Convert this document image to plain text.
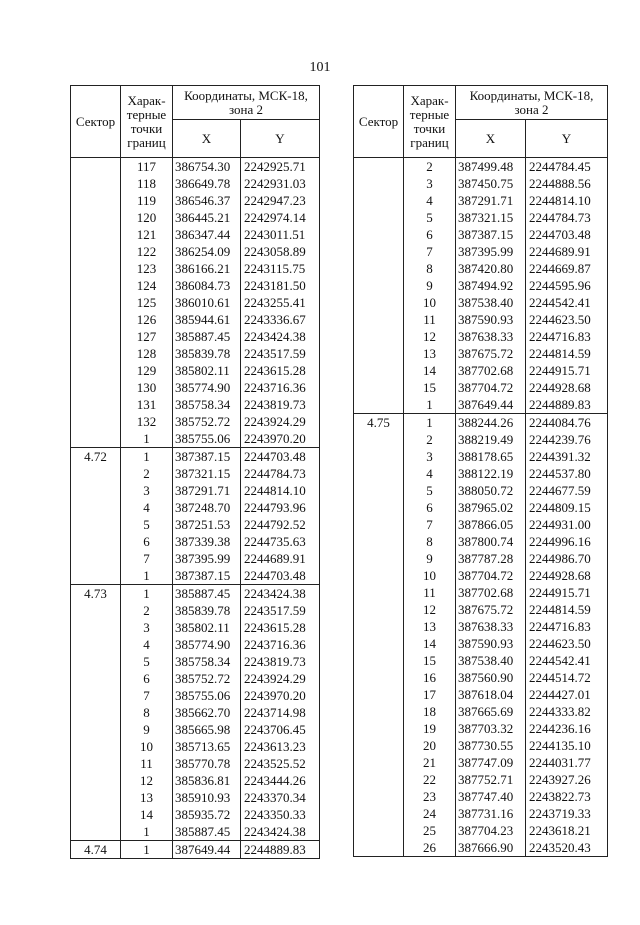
101
Сектор	Харак-терные точки границ	Координаты, МСК-18, зона 2	
		X	Y
	117	386754.30	2242925.71
	118	386649.78	2242931.03
	119	386546.37	2242947.23
	120	386445.21	2242974.14
	121	386347.44	2243011.51
	122	386254.09	2243058.89
	123	386166.21	2243115.75
	124	386084.73	2243181.50
	125	386010.61	2243255.41
	126	385944.61	2243336.67
	127	385887.45	2243424.38
	128	385839.78	2243517.59
	129	385802.11	2243615.28
	130	385774.90	2243716.36
	131	385758.34	2243819.73
	132	385752.72	2243924.29
	1	385755.06	2243970.20
4.72	1	387387.15	2244703.48
	2	387321.15	2244784.73
	3	387291.71	2244814.10
	4	387248.70	2244793.96
	5	387251.53	2244792.52
	6	387339.38	2244735.63
	7	387395.99	2244689.91
	1	387387.15	2244703.48
4.73	1	385887.45	2243424.38
	2	385839.78	2243517.59
	3	385802.11	2243615.28
	4	385774.90	2243716.36
	5	385758.34	2243819.73
	6	385752.72	2243924.29
	7	385755.06	2243970.20
	8	385662.70	2243714.98
	9	385665.98	2243706.45
	10	385713.65	2243613.23
	11	385770.78	2243525.52
	12	385836.81	2243444.26
	13	385910.93	2243370.34
	14	385935.72	2243350.33
	1	385887.45	2243424.38
4.74	1	387649.44	2244889.83
Сектор	Харак-терные точки границ	Координаты, МСК-18, зона 2	
		X	Y
	2	387499.48	2244784.45
	3	387450.75	2244888.56
	4	387291.71	2244814.10
	5	387321.15	2244784.73
	6	387387.15	2244703.48
	7	387395.99	2244689.91
	8	387420.80	2244669.87
	9	387494.92	2244595.96
	10	387538.40	2244542.41
	11	387590.93	2244623.50
	12	387638.33	2244716.83
	13	387675.72	2244814.59
	14	387702.68	2244915.71
	15	387704.72	2244928.68
	1	387649.44	2244889.83
4.75	1	388244.26	2244084.76
	2	388219.49	2244239.76
	3	388178.65	2244391.32
	4	388122.19	2244537.80
	5	388050.72	2244677.59
	6	387965.02	2244809.15
	7	387866.05	2244931.00
	8	387800.74	2244996.16
	9	387787.28	2244986.70
	10	387704.72	2244928.68
	11	387702.68	2244915.71
	12	387675.72	2244814.59
	13	387638.33	2244716.83
	14	387590.93	2244623.50
	15	387538.40	2244542.41
	16	387560.90	2244514.72
	17	387618.04	2244427.01
	18	387665.69	2244333.82
	19	387703.32	2244236.16
	20	387730.55	2244135.10
	21	387747.09	2244031.77
	22	387752.71	2243927.26
	23	387747.40	2243822.73
	24	387731.16	2243719.33
	25	387704.23	2243618.21
	26	387666.90	2243520.43
